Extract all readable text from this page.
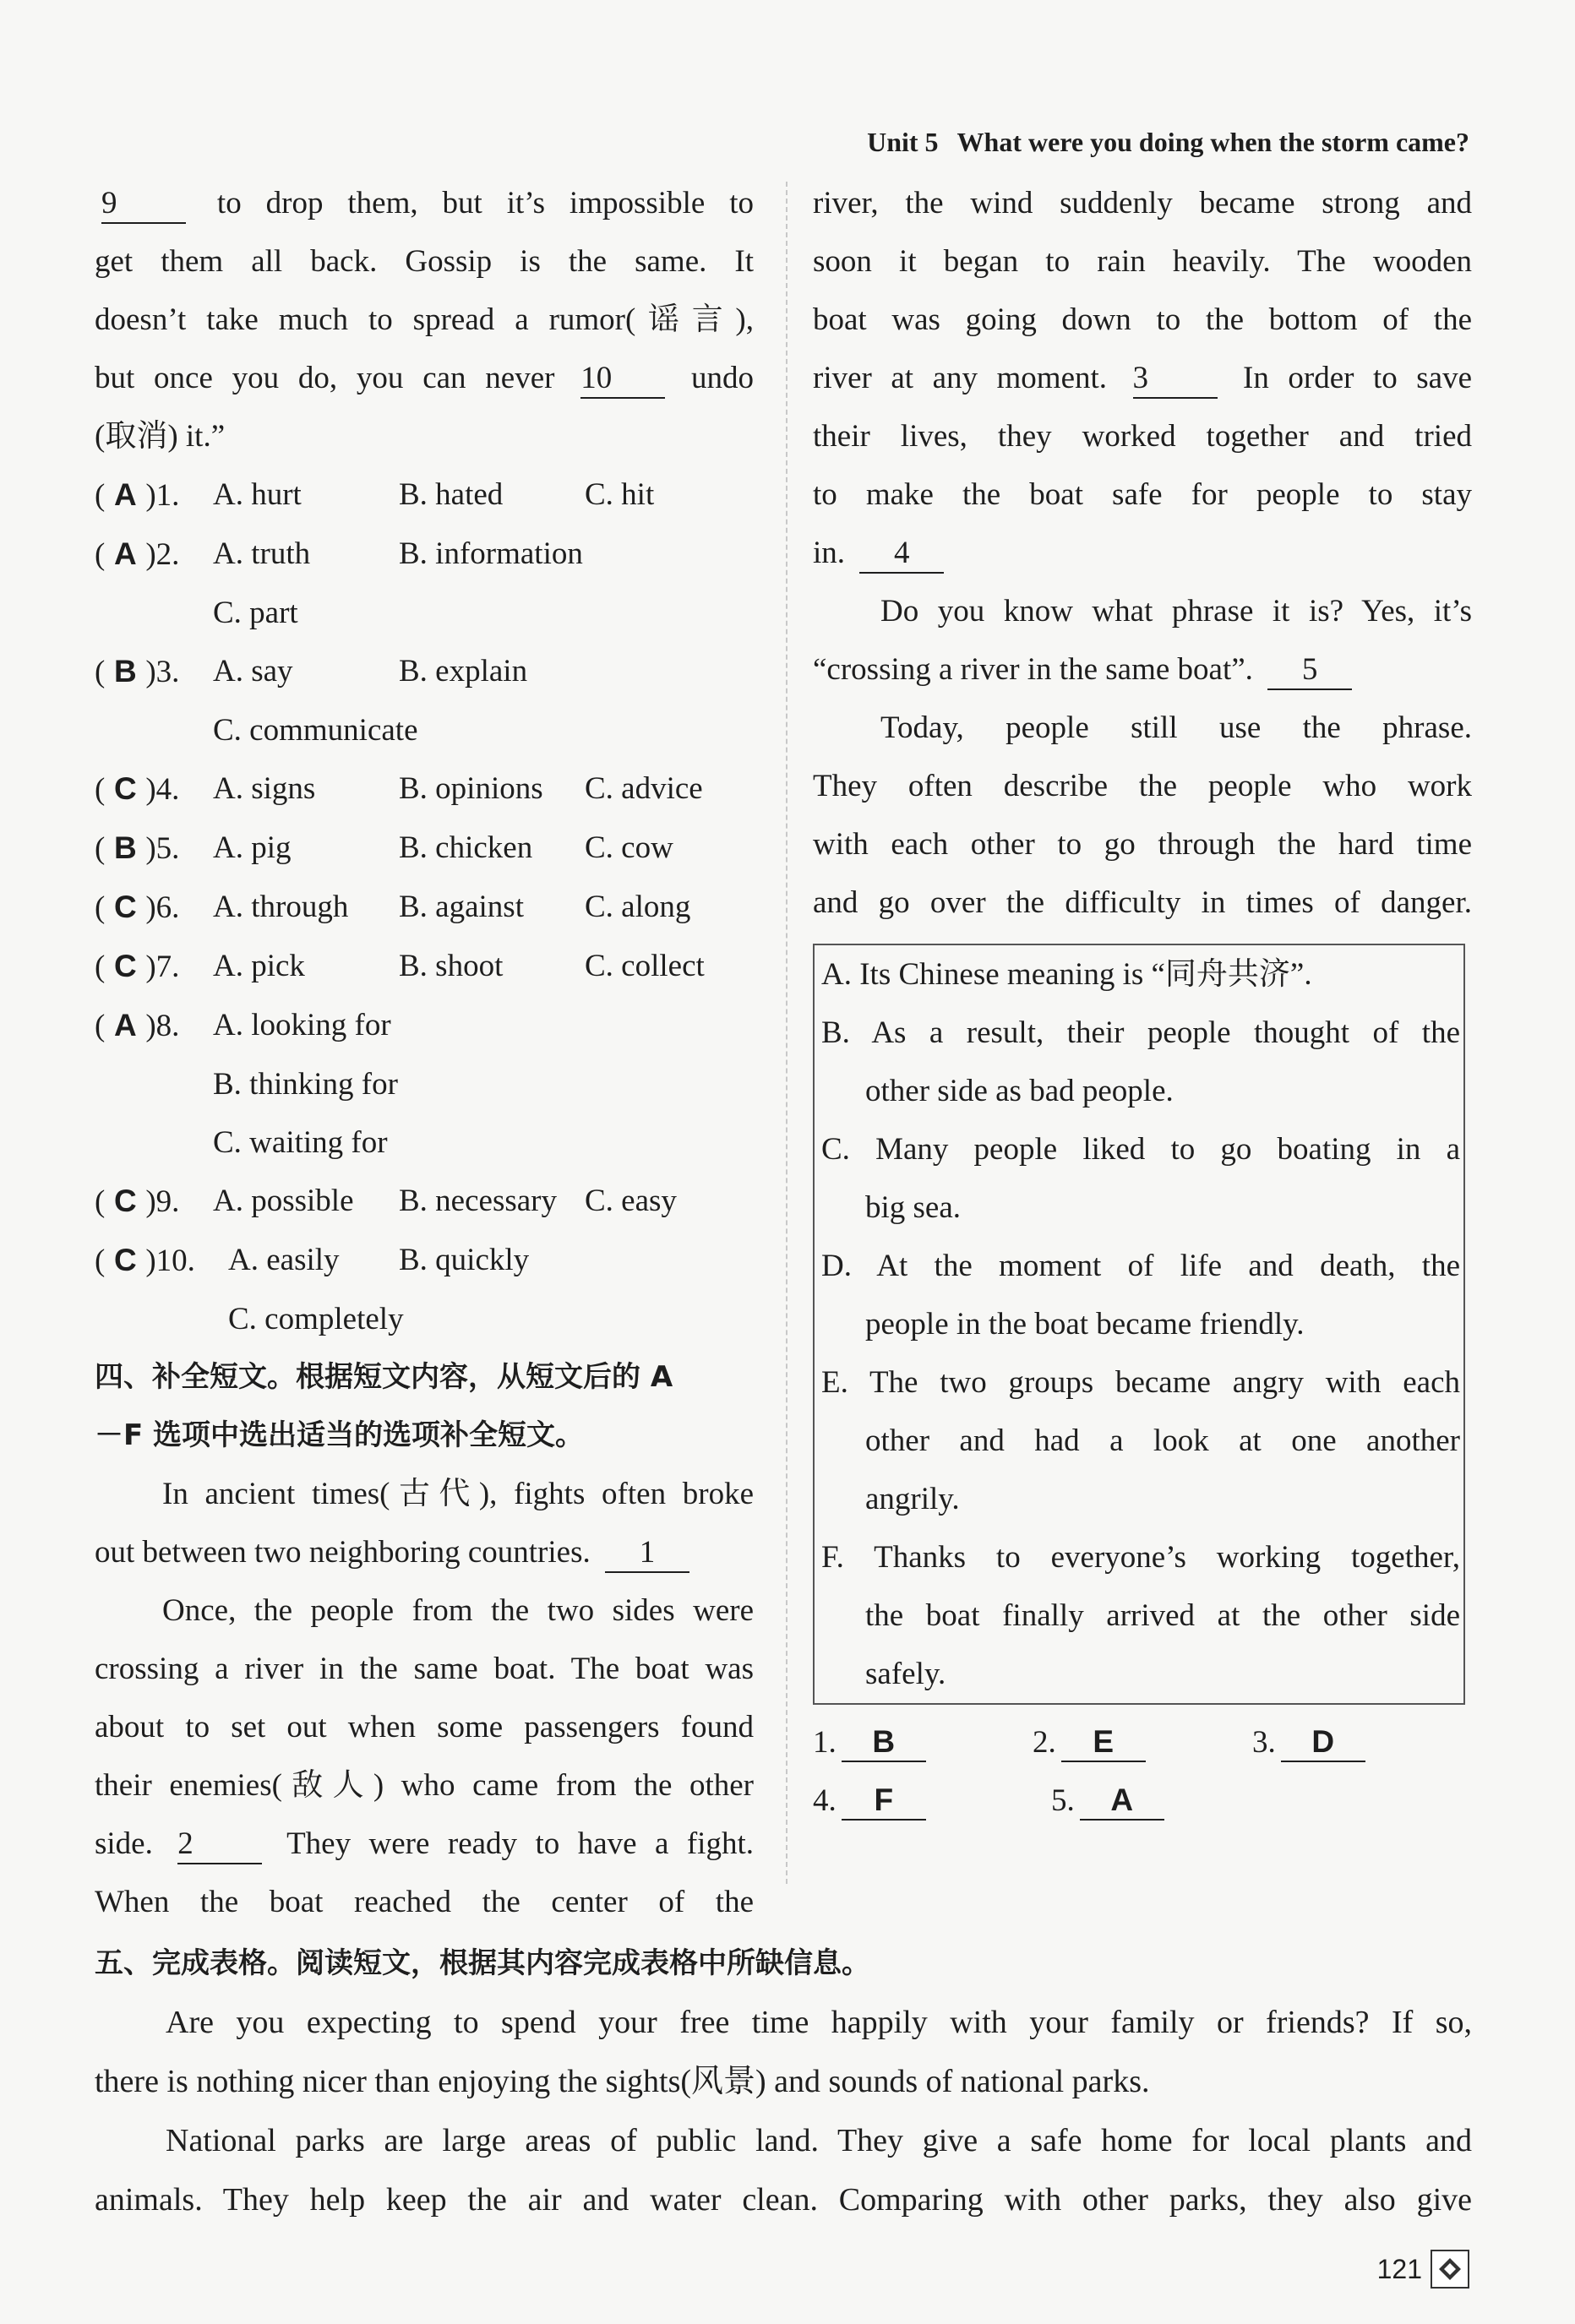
Unit 5 What were you doing when the storm came?
9 to drop them, but it’s impossible to
get them all back. Gossip is the same. It
doesn’t take much to spread a rumor(谣言),
but once you do, you can never 10 undo
(取消) it.”
( A )1.	A. hurt	B. hated	C. hit
( A )2.	A. truth	B. information
C. part
( B )3.	A. say	B. explain
C. communicate
( C )4.	A. signs	B. opinions	C. advice
( B )5.	A. pig	B. chicken	C. cow
( C )6.	A. through	B. against	C. along
( C )7.	A. pick	B. shoot	C. collect
( A )8.	A. looking for
B. thinking for
C. waiting for
( C )9.	A. possible	B. necessary C. easy
( C )10.	A. easily	B. quickly
C. completely
四、补全短文。根据短文内容，从短文后的 A
－F 选项中选出适当的选项补全短文。
In ancient times(古代), fights often broke
out between two neighboring countries. 1
Once, the people from the two sides were
crossing a river in the same boat. The boat was
about to set out when some passengers found
their enemies(敌人) who came from the other
side. 2 They were ready to have a fight.
When the boat reached the center of the
river, the wind suddenly became strong and
soon it began to rain heavily. The wooden
boat was going down to the bottom of the
river at any moment. 3 In order to save
their lives, they worked together and tried
to make the boat safe for people to stay
in. 4
Do you know what phrase it is? Yes, it’s
“crossing a river in the same boat”. 5
Today, people still use the phrase.
They often describe the people who work
with each other to go through the hard time
and go over the difficulty in times of danger.
A. Its Chinese meaning is “同舟共济”.
B. As a result, their people thought of the
other side as bad people.
C. Many people liked to go boating in a
big sea.
D. At the moment of life and death, the
people in the boat became friendly.
E. The two groups became angry with each
other and had a look at one another
angrily.
F. Thanks to everyone’s working together,
the boat finally arrived at the other side
safely.
1. B	2. E	3. D
4. F	5. A
五、完成表格。阅读短文，根据其内容完成表格中所缺信息。
Are you expecting to spend your free time happily with your family or friends? If so,
there is nothing nicer than enjoying the sights(风景) and sounds of national parks.
National parks are large areas of public land. They give a safe home for local plants and
animals. They help keep the air and water clean. Comparing with other parks, they also give
121
